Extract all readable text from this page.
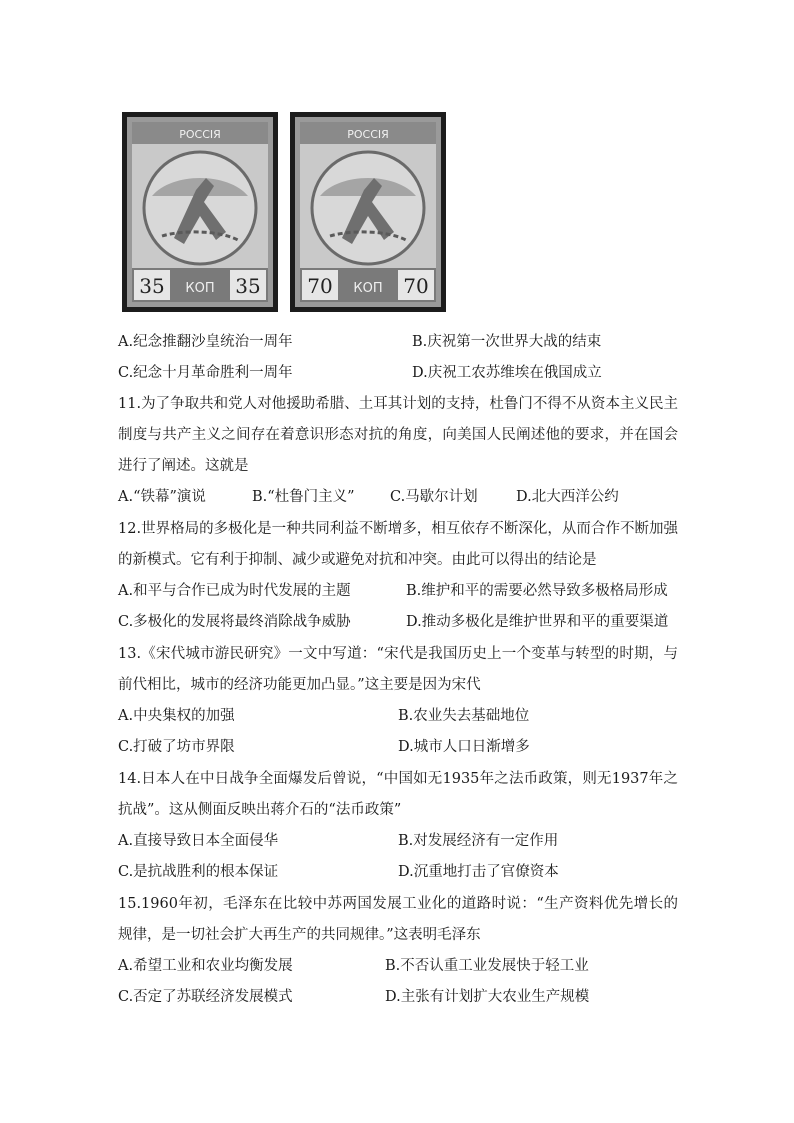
РОССIЯ
35 КОП 35
РОССIЯ
70 КОП 70
A.纪念推翻沙皇统治一周年	B.庆祝第一次世界大战的结束
C.纪念十月革命胜利一周年	D.庆祝工农苏维埃在俄国成立
11.为了争取共和党人对他援助希腊、土耳其计划的支持，杜鲁门不得不从资本主义民主制度与共产主义之间存在着意识形态对抗的角度，向美国人民阐述他的要求，并在国会进行了阐述。这就是
A.“铁幕”演说	B.“杜鲁门主义” C.马歇尔计划	D.北大西洋公约
12.世界格局的多极化是一种共同利益不断增多，相互依存不断深化，从而合作不断加强的新模式。它有利于抑制、减少或避免对抗和冲突。由此可以得出的结论是
A.和平与合作已成为时代发展的主题	B.维护和平的需要必然导致多极格局形成
C.多极化的发展将最终消除战争威胁	D.推动多极化是维护世界和平的重要渠道
13.《宋代城市游民研究》一文中写道：“宋代是我国历史上一个变革与转型的时期，与前代相比，城市的经济功能更加凸显。”这主要是因为宋代
A.中央集权的加强	B.农业失去基础地位
C.打破了坊市界限	D.城市人口日渐增多
14.日本人在中日战争全面爆发后曾说，“中国如无1935年之法币政策，则无1937年之抗战”。这从侧面反映出蒋介石的“法币政策”
A.直接导致日本全面侵华	B.对发展经济有一定作用
C.是抗战胜利的根本保证	D.沉重地打击了官僚资本
15.1960年初，毛泽东在比较中苏两国发展工业化的道路时说：“生产资料优先增长的规律，是一切社会扩大再生产的共同规律。”这表明毛泽东
A.希望工业和农业均衡发展	B.不否认重工业发展快于轻工业
C.否定了苏联经济发展模式	D.主张有计划扩大农业生产规模
